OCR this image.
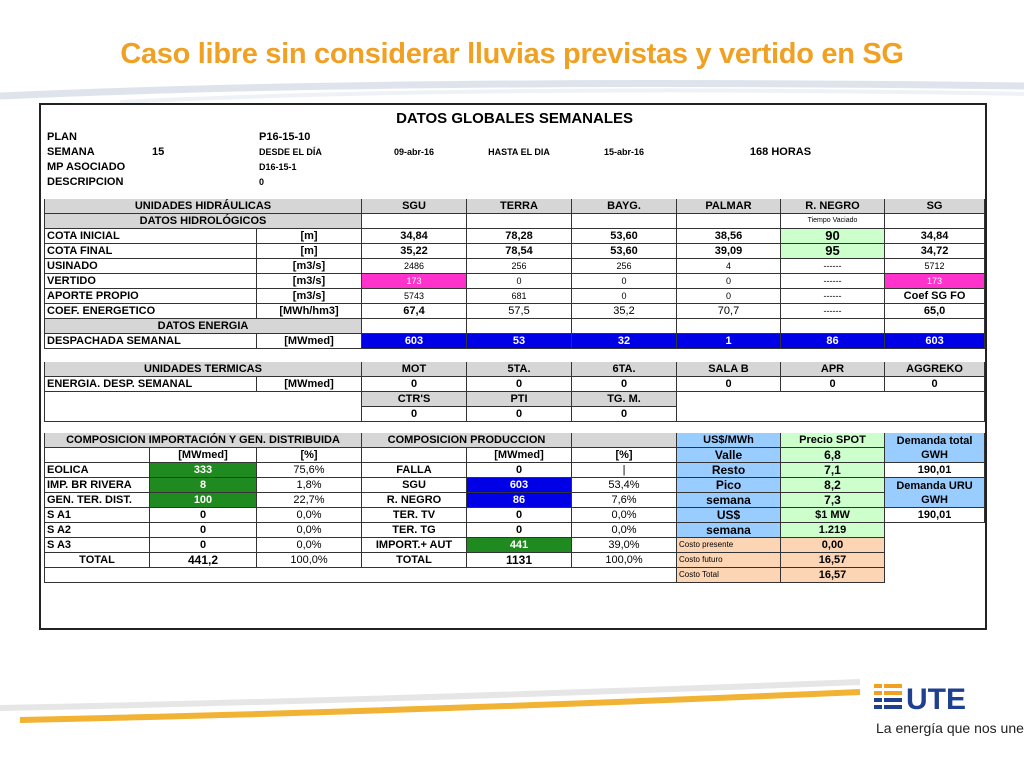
Caso libre sin considerar lluvias previstas y vertido en SG
DATOS GLOBALES SEMANALES								
PLAN		P16-15-10						
SEMANA	15	DESDE EL DÍA	09-abr-16	HASTA EL DIA	15-abr-16	168 HORAS		
MP ASOCIADO		D16-15-1						
DESCRIPCION		0						

UNIDADES HIDRÁULICAS			SGU	TERRA	BAYG.	PALMAR	R. NEGRO	SG
DATOS HIDROLÓGICOS							Tiempo Vaciado	
COTA INICIAL		[m]	34,84	78,28	53,60	38,56	90	34,84
COTA FINAL		[m]	35,22	78,54	53,60	39,09	95	34,72
USINADO		[m3/s]	2486	256	256	4	------	5712
VERTIDO		[m3/s]	173	0	0	0	------	173
APORTE PROPIO		[m3/s]	5743	681	0	0	------	Coef SG FO
COEF. ENERGETICO		[MWh/hm3]	67,4	57,5	35,2	70,7	------	65,0
DATOS ENERGIA								
DESPACHADA SEMANAL		[MWmed]	603	53	32	1	86	603

UNIDADES TERMICAS			MOT	5TA.	6TA.	SALA B	APR	AGGREKO
ENERGIA. DESP. SEMANAL		[MWmed]	0	0	0	0	0	0
			CTR'S	PTI	TG. M.			
			0	0	0			

COMPOSICION IMPORTACIÓN Y GEN. DISTRIBUIDA			COMPOSICION PRODUCCION			US$/MWh	Precio SPOT	Demanda total
GWH
	[MWmed]	[%]		[MWmed]	[%]	Valle	6,8	
EOLICA	333	75,6%	FALLA	0	|	Resto	7,1	190,01
IMP. BR RIVERA	8	1,8%	SGU	603	53,4%	Pico	8,2	Demanda URU
GWH
GEN. TER. DIST.	100	22,7%	R. NEGRO	86	7,6%	semana	7,3	
S A1	0	0,0%	TER. TV	0	0,0%	US$	$1 MW	190,01
S A2	0	0,0%	TER. TG	0	0,0%	semana	1.219	
S A3	0	0,0%	IMPORT.+ AUT	441	39,0%	Costo presente	0,00	
TOTAL	441,2	100,0%	TOTAL	1131	100,0%	Costo futuro	16,57	
						Costo Total	16,57	
UTE
La energía que nos une
